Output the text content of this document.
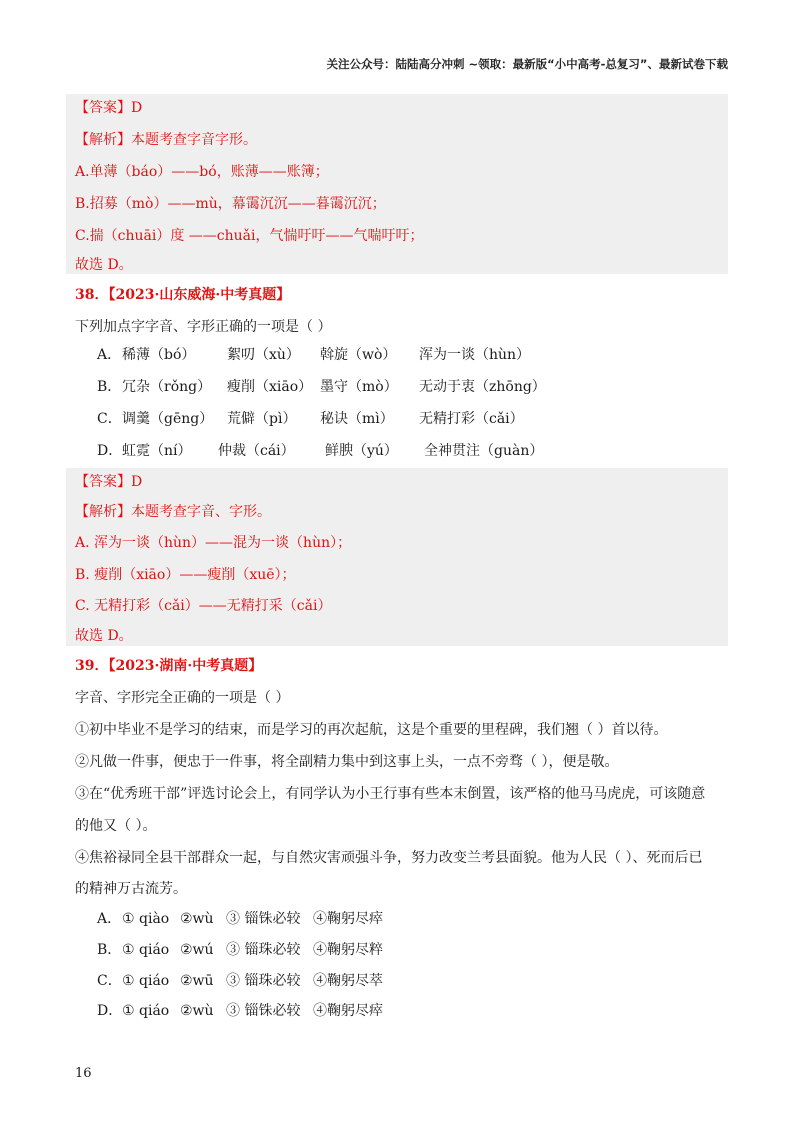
关注公众号：陆陆高分冲刺 ~领取：最新版“小中高考-总复习”、最新试卷下载
【答案】D
【解析】本题考查字音字形。
A.单薄（báo）——bó，账薄——账簿；
B.招募（mò）——mù，幕霭沉沉——暮霭沉沉；
C.揣（chuāi）度 ——chuǎi，气惴吁吁——气喘吁吁；
故选 D。
38．【2023·山东威海·中考真题】
下列加点字字音、字形正确的一项是（ ）
A． 稀薄（bó） 絮叨（xù） 斡旋（wò） 浑为一谈（hùn）
B． 冗杂（rǒng） 瘦削（xiāo） 墨守（mò） 无动于衷（zhōng）
C． 调羹（gēng） 荒僻（pì） 秘诀（mì） 无精打彩（cǎi）
D． 虹霓（ní） 仲裁（cái） 鲜腴（yú） 全神贯注（guàn）
【答案】D
【解析】本题考查字音、字形。
A. 浑为一谈（hùn）——混为一谈（hùn）；
B. 瘦削（xiāo）——瘦削（xuē）；
C. 无精打彩（cǎi）——无精打采（cǎi）
故选 D。
39．【2023·湖南·中考真题】
字音、字形完全正确的一项是（ ）
①初中毕业不是学习的结束，而是学习的再次起航，这是个重要的里程碑，我们翘（ ）首以待。
②凡做一件事，便忠于一件事，将全副精力集中到这事上头，一点不旁骛（ ），便是敬。
③在“优秀班干部”评选讨论会上，有同学认为小王行事有些本末倒置，该严格的他马马虎虎，可该随意
的他又（ ）。
④焦裕禄同全县干部群众一起，与自然灾害顽强斗争，努力改变兰考县面貌。他为人民（ ）、死而后已
的精神万古流芳。
A． ① qiào ②wù ③ 锱铢必较 ④鞠躬尽瘁
B． ① qiáo ②wú ③ 锱珠必较 ④鞠躬尽粹
C． ① qiáo ②wū ③ 锱珠必较 ④鞠躬尽萃
D． ① qiáo ②wù ③ 锱铢必较 ④鞠躬尽瘁
16
